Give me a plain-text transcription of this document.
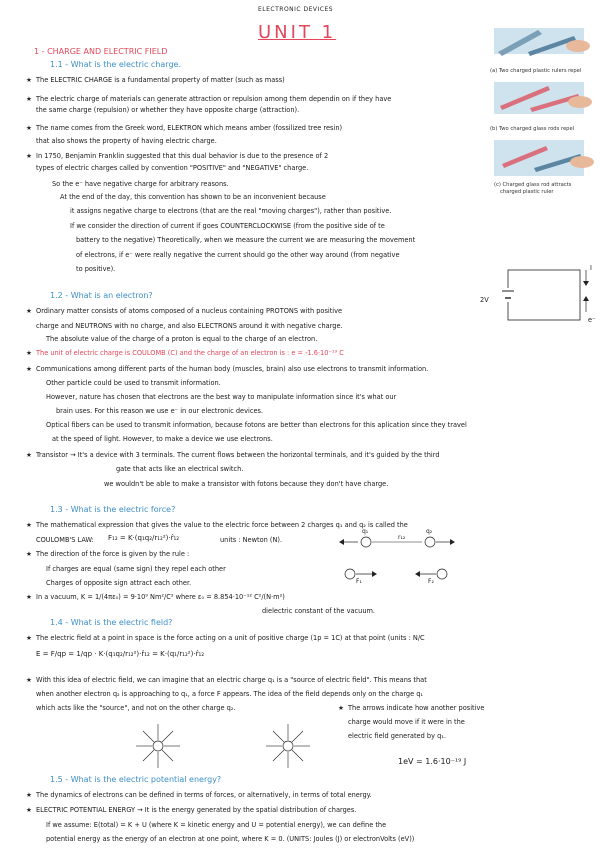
ELECTRONIC DEVICES
UNIT 1
1 - CHARGE AND ELECTRIC FIELD
1.1 - What is the electric charge.
★ The ELECTRIC CHARGE is a fundamental property of matter (such as mass)
★ The electric charge of materials can generate attraction or repulsion among them dependin on if they have
the same charge (repulsion) or whether they have opposite charge (attraction).
★ The name comes from the Greek word, ELEKTRON which means amber (fossilized tree resin)
that also shows the property of having electric charge.
★ In 1750, Benjamin Franklin suggested that this dual behavior is due to the presence of 2
types of electric charges called by convention "POSITIVE" and "NEGATIVE" charge.
So the e⁻ have negative charge for arbitrary reasons.
At the end of the day, this convention has shown to be an inconvenient because
it assigns negative charge to electrons (that are the real "moving charges"), rather than positive.
If we consider the direction of current if goes COUNTERCLOCKWISE (from the positive side of te
battery to the negative) Theoretically, when we measure the current we are measuring the movement
of electrons, if e⁻ were really negative the current should go the other way around (from negative
to positive).
(a) Two charged plastic rulers repel
(b) Two charged glass rods repel
(c) Charged glass rod attracts
charged plastic ruler
1.2 - What is an electron?
★ Ordinary matter consists of atoms composed of a nucleus containing PROTONS with positive
charge and NEUTRONS with no charge, and also ELECTRONS around it with negative charge.
The absolute value of the charge of a proton is equal to the charge of an electron.
★ The unit of electric charge is COULOMB (C) and the charge of an electron is : e = -1.6·10⁻¹⁹ C
★ Communications among different parts of the human body (muscles, brain) also use electrons to transmit information.
Other particle could be used to transmit information.
However, nature has chosen that electrons are the best way to manipulate information since it's what our
brain uses. For this reason we use e⁻ in our electronic devices.
Optical fibers can be used to transmit information, because fotons are better than electrons for this aplication since they travel
at the speed of light. However, to make a device we use electrons.
★ Transistor → It's a device with 3 terminals. The current flows between the horizontal terminals, and it's guided by the third
gate that acts like an electrical switch.
we wouldn't be able to make a transistor with fotons because they don't have charge.
2V
I
e⁻
1.3 - What is the electric force?
★ The mathematical expression that gives the value to the electric force between 2 charges q₁ and q₂ is called the
COULOMB'S LAW: F₁₂ = K·(q₁q₂/r₁₂²)·r̂₁₂	units : Newton (N).
★ The direction of the force is given by the rule :
If charges are equal (same sign) they repel each other
Charges of opposite sign attract each other.
★ In a vacuum, K = 1/(4πε₀) = 9·10⁹ Nm²/C² where ε₀ = 8.854·10⁻¹² C²/(N·m²)
dielectric constant of the vacuum.
q₁	q₂
r₁₂
F₁	F₂
1.4 - What is the electric field?
★ The electric field at a point in space is the force acting on a unit of positive charge (1p = 1C) at that point (units : N/C
E = F/qp = 1/qp · K·(q₁q₂/r₁₂²)·r̂₁₂ = K·(q₁/r₁₂²)·r̂₁₂
★ With this idea of electric field, we can imagine that an electric charge q₁ is a "source of electric field". This means that
when another electron q₂ is approaching to q₁, a force F appears. The idea of the field depends only on the charge q₁
which acts like the "source", and not on the other charge q₂.	★ The arrows indicate how another positive
charge would move if it were in the
electric field generated by q₁.
1eV = 1.6·10⁻¹⁹ J
1.5 - What is the electric potential energy?
★ The dynamics of electrons can be defined in terms of forces, or alternatively, in terms of total energy.
★ ELECTRIC POTENTIAL ENERGY → It is the energy generated by the spatial distribution of charges.
If we assume: E(total) = K + U (where K = kinetic energy and U = potential energy), we can define the
potential energy as the energy of an electron at one point, where K = 0. (UNITS: Joules (J) or electronVolts (eV))
